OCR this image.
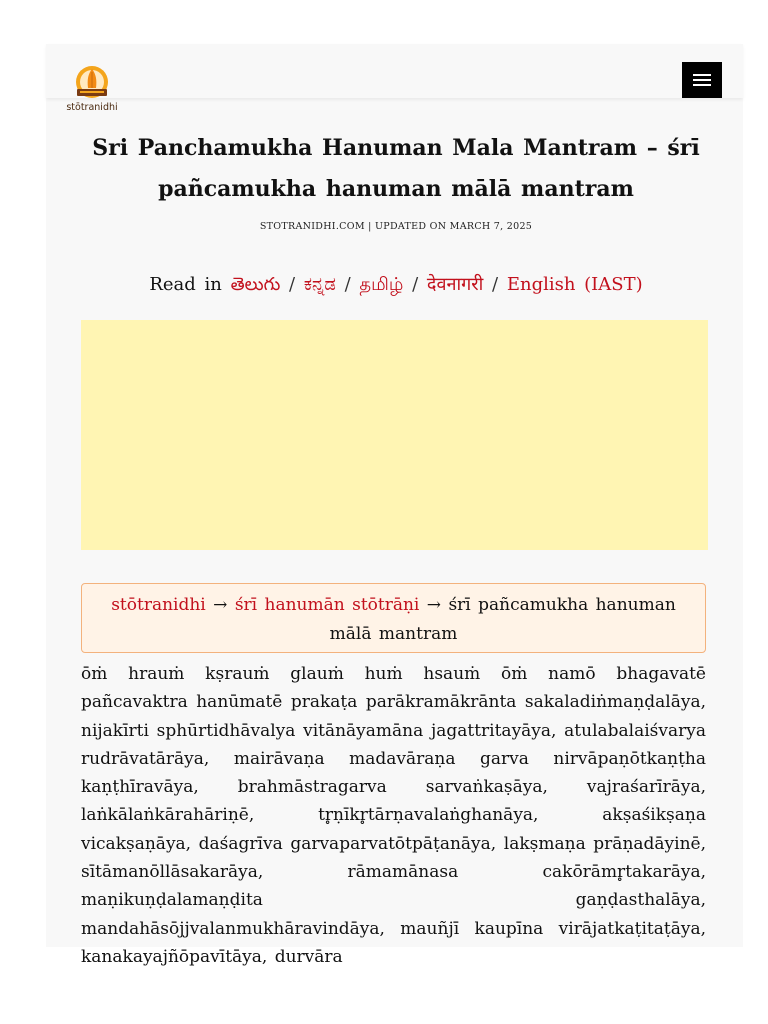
stōtranidhi
Sri Panchamukha Hanuman Mala Mantram – śrī
pañcamukha hanuman mālā mantram
STOTRANIDHI.COM | UPDATED ON MARCH 7, 2025
Read in తెలుగు / ಕನ್ನಡ / தமிழ் / देवनागरी / English (IAST)
stōtranidhi → śrī hanumān stōtrāṇi → śrī pañcamukha hanuman mālā mantram

ōṁ hrauṁ kṣrauṁ glauṁ huṁ hsauṁ ōṁ namō bhagavatē pañcavaktra hanūmatē prakaṭa parākramākrānta sakaladiṅmaṇḍalāya, nijakīrti sphūrtidhāvalya vitānāyamāna jagattritayāya, atulabalaiśvarya rudrāvatārāya, mairāvaṇa madavāraṇa garva nirvāpaṇōtkaṇṭha kaṇṭhīravāya, brahmāstragarva sarvaṅkaṣāya, vajraśarīrāya, laṅkālaṅkārahāriṇē, tr̥ṇīkr̥tārṇavalaṅghanāya, akṣaśikṣaṇa vicakṣaṇāya, daśagrīva garvaparvatōtpāṭanāya, lakṣmaṇa prāṇadāyinē, sītāmanōllāsakarāya, rāmamānasa cakōrāmr̥takarāya, maṇikuṇḍalamaṇḍita gaṇḍasthalāya, mandahāsōjjvalanmukhāravindāya, mauñjī kaupīna virājatkaṭitaṭāya, kanakayajñōpavītāya, durvāra
